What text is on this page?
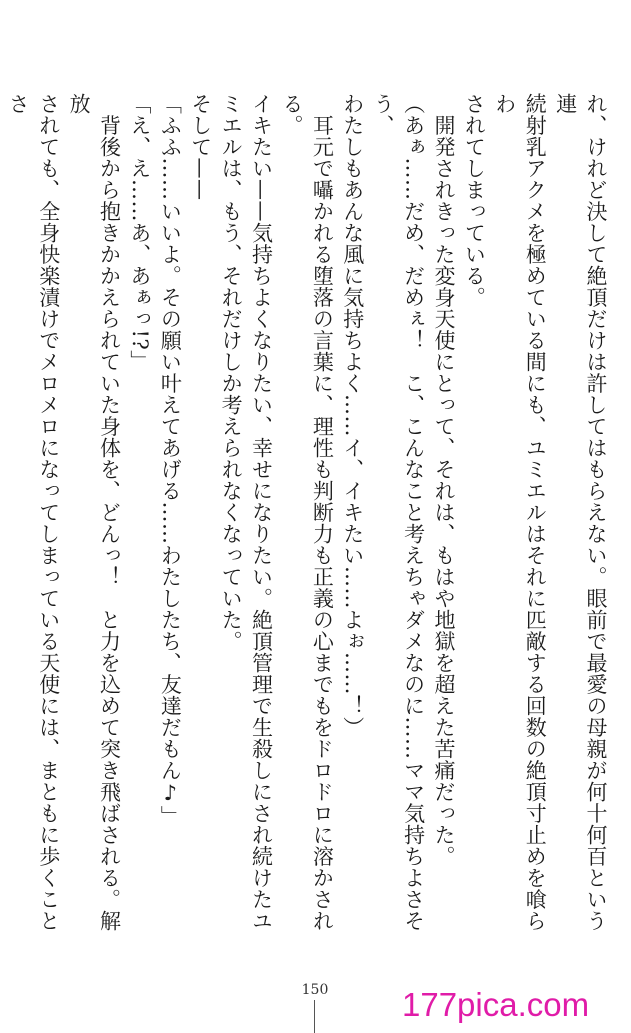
れ、けれど決して絶頂だけは許してはもらえない。眼前で最愛の母親が何十何百という連

続射乳アクメを極めている間にも、ユミエルはそれに匹敵する回数の絶頂寸止めを喰らわ

されてしまっている。

　開発されきった変身天使にとって、それは、もはや地獄を超えた苦痛だった。

（あぁ……だめ、だめぇ！　こ、こんなこと考えちゃダメなのに……ママ気持ちよさそう、

わたしもあんな風に気持ちよく……イ、イキたい……よぉ……！）

　耳元で囁かれる堕落の言葉に、理性も判断力も正義の心までもをドロドロに溶かされる。

イキたい——気持ちよくなりたい、幸せになりたい。絶頂管理で生殺しにされ続けたユ

ミエルは、もう、それだけしか考えられなくなっていた。

そして——

「ふふ……いいよ。その願い叶えてあげる……わたしたち、友達だもん♪」

「え、え……あ、あぁっ!?」

　背後から抱きかかえられていた身体を、どんっ！　と力を込めて突き飛ばされる。解放

されても、全身快楽漬けでメロメロになってしまっている天使には、まともに歩くことさ

150 177pica.com
